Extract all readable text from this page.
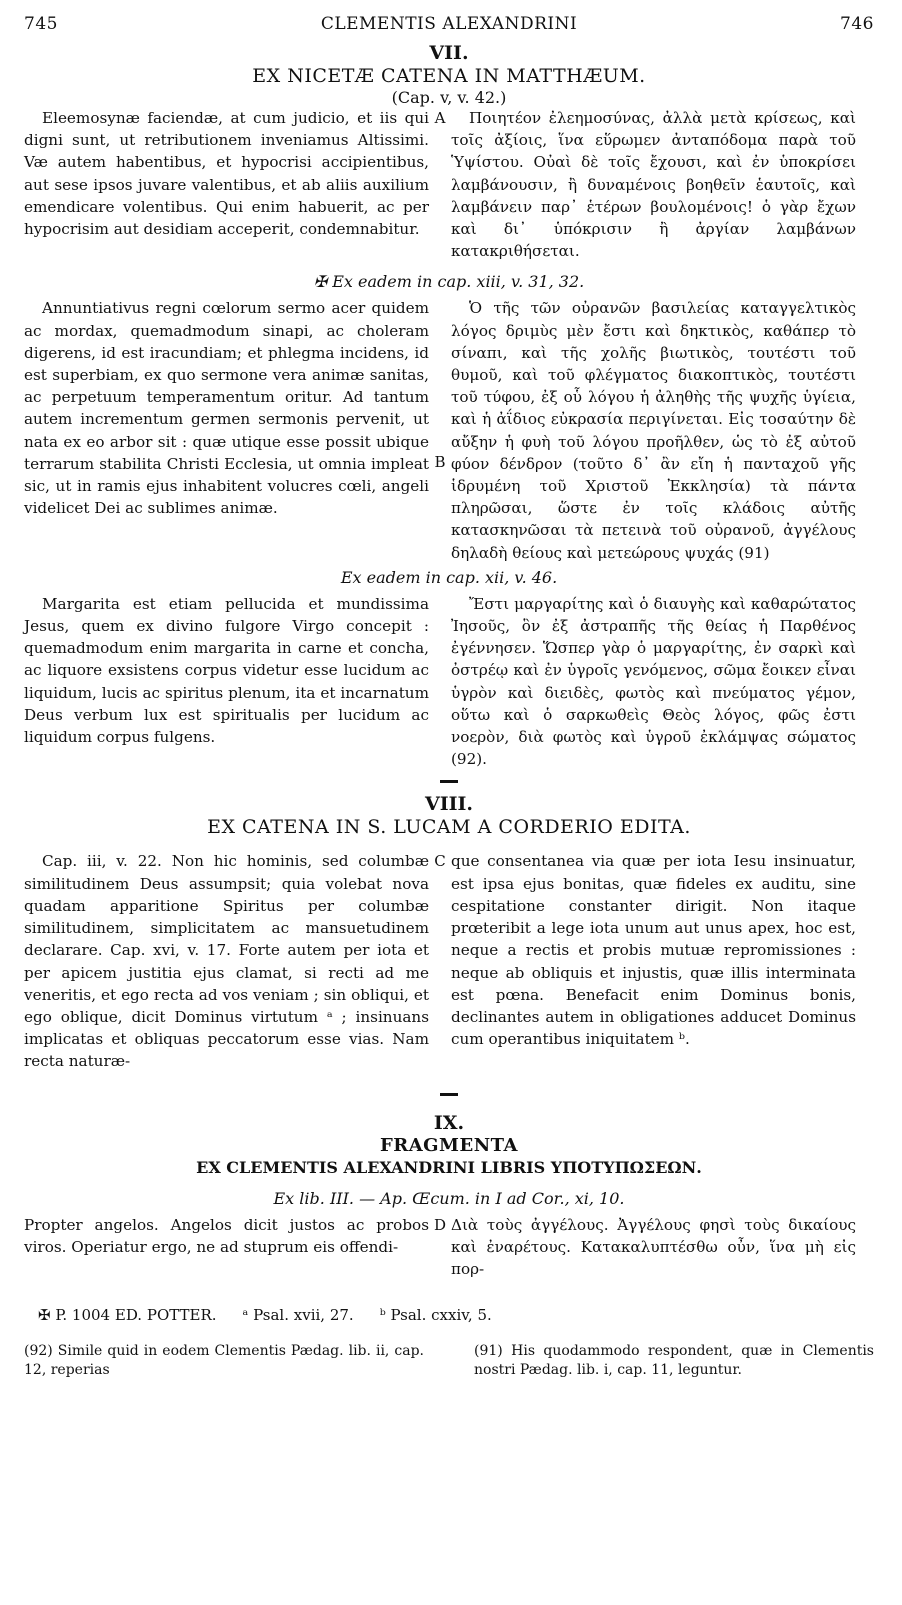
745	CLEMENTIS ALEXANDRINI	746
VII.
EX NICETÆ CATENA IN MATTHÆUM.
(Cap. v, v. 42.)
Eleemosynæ faciendæ, at cum judicio, et iis qui digni sunt, ut retributionem inveniamus Altissimi. Væ autem habentibus, et hypocrisi accipientibus, aut sese ipsos juvare valentibus, et ab aliis auxilium emendicare volentibus. Qui enim habuerit, ac per hypocrisim aut desidiam acceperit, condemnabitur.
A	Ποιητέον ἐλεημοσύνας, ἀλλὰ μετὰ κρίσεως, καὶ τοῖς ἀξίοις, ἵνα εὕρωμεν ἀνταπόδομα παρὰ τοῦ Ὑψίστου. Οὐαὶ δὲ τοῖς ἔχουσι, καὶ ἐν ὑποκρίσει λαμβάνουσιν, ἢ δυναμένοις βοηθεῖν ἑαυτοῖς, καὶ λαμβάνειν παρ᾽ ἑτέρων βουλομένοις! ὁ γὰρ ἔχων καὶ δι᾽ ὑπόκρισιν ἢ ἀργίαν λαμβάνων κατακριθήσεται.
✠ Ex eadem in cap. xiii, v. 31, 32.
Annuntiativus regni cœlorum sermo acer quidem ac mordax, quemadmodum sinapi, ac choleram digerens, id est iracundiam; et phlegma incidens, id est superbiam, ex quo sermone vera animæ sanitas, ac perpetuum temperamentum oritur. Ad tantum autem incrementum germen sermonis pervenit, ut nata ex eo arbor sit : quæ utique esse possit ubique terrarum stabilita Christi Ecclesia, ut omnia impleat sic, ut in ramis ejus inhabitent volucres cœli, angeli videlicet Dei ac sublimes animæ.
B
Ὁ τῆς τῶν οὐρανῶν βασιλείας καταγγελτικὸς λόγος δριμὺς μὲν ἔστι καὶ δηκτικὸς, καθάπερ τὸ σίναπι, καὶ τῆς χολῆς βιωτικὸς, τουτέστι τοῦ θυμοῦ, καὶ τοῦ φλέγματος διακοπτικὸς, τουτέστι τοῦ τύφου, ἐξ οὗ λόγου ἡ ἀληθὴς τῆς ψυχῆς ὑγίεια, καὶ ἡ ἀΐδιος εὐκρασία περιγίνεται. Εἰς τοσαύτην δὲ αὔξην ἡ φυὴ τοῦ λόγου προῆλθεν, ὡς τὸ ἐξ αὐτοῦ φύον δένδρον (τοῦτο δ᾽ ἂν εἴη ἡ πανταχοῦ γῆς ἱδρυμένη τοῦ Χριστοῦ Ἐκκλησία) τὰ πάντα πληρῶσαι, ὥστε ἐν τοῖς κλάδοις αὐτῆς κατασκηνῶσαι τὰ πετεινὰ τοῦ οὐρανοῦ, ἀγγέλους δηλαδὴ θείους καὶ μετεώρους ψυχάς (91)
Ex eadem in cap. xii, v. 46.
Margarita est etiam pellucida et mundissima Jesus, quem ex divino fulgore Virgo concepit : quemadmodum enim margarita in carne et concha, ac liquore exsistens corpus videtur esse lucidum ac liquidum, lucis ac spiritus plenum, ita et incarnatum Deus verbum lux est spiritualis per lucidum ac liquidum corpus fulgens.
Ἔστι μαργαρίτης καὶ ὁ διαυγὴς καὶ καθαρώτατος Ἰησοῦς, ὃν ἐξ ἀστραπῆς τῆς θείας ἡ Παρθένος ἐγέννησεν. Ὥσπερ γὰρ ὁ μαργαρίτης, ἐν σαρκὶ καὶ ὀστρέῳ καὶ ἐν ὑγροῖς γενόμενος, σῶμα ἔοικεν εἶναι ὑγρὸν καὶ διειδὲς, φωτὸς καὶ πνεύματος γέμον, οὕτω καὶ ὁ σαρκωθεὶς Θεὸς λόγος, φῶς ἐστι νοερὸν, διὰ φωτὸς καὶ ὑγροῦ ἐκλάμψας σώματος (92).
VIII.
EX CATENA IN S. LUCAM A CORDERIO EDITA.
Cap. iii, v. 22. Non hic hominis, sed columbæ similitudinem Deus assumpsit; quia volebat nova quadam apparitione Spiritus per columbæ similitudinem, simplicitatem ac mansuetudinem declarare. Cap. xvi, v. 17. Forte autem per iota et per apicem justitia ejus clamat, si recti ad me veneritis, et ego recta ad vos veniam ; sin obliqui, et ego oblique, dicit Dominus virtutum ᵃ ; insinuans implicatas et obliquas peccatorum esse vias. Nam recta naturæ-
C que consentanea via quæ per iota Iesu insinuatur, est ipsa ejus bonitas, quæ fideles ex auditu, sine cespitatione constanter dirigit. Non itaque prœteribit a lege iota unum aut unus apex, hoc est, neque a rectis et probis mutuæ repromissiones : neque ab obliquis et injustis, quæ illis interminata est pœna. Benefacit enim Dominus bonis, declinantes autem in obligationes adducet Dominus cum operantibus iniquitatem ᵇ.
IX.
FRAGMENTA
EX CLEMENTIS ALEXANDRINI LIBRIS ΥΠΟΤΥΠΩΣΕΩΝ.
Ex lib. III. — Ap. Œcum. in I ad Cor., xi, 10.
Propter angelos. Angelos dicit justos ac probos viros. Operiatur ergo, ne ad stuprum eis offendi-
D Διὰ τοὺς ἀγγέλους. Ἀγγέλους φησὶ τοὺς δικαίους καὶ ἐναρέτους. Κατακαλυπτέσθω οὖν, ἵνα μὴ εἰς πορ-
✠ P. 1004 ED. POTTER. ᵃ Psal. xvii, 27. ᵇ Psal. cxxiv, 5.
(92) Simile quid in eodem Clementis Pædag. lib. ii, cap. 12, reperias
(91) His quodammodo respondent, quæ in Clementis nostri Pædag. lib. i, cap. 11, leguntur.
